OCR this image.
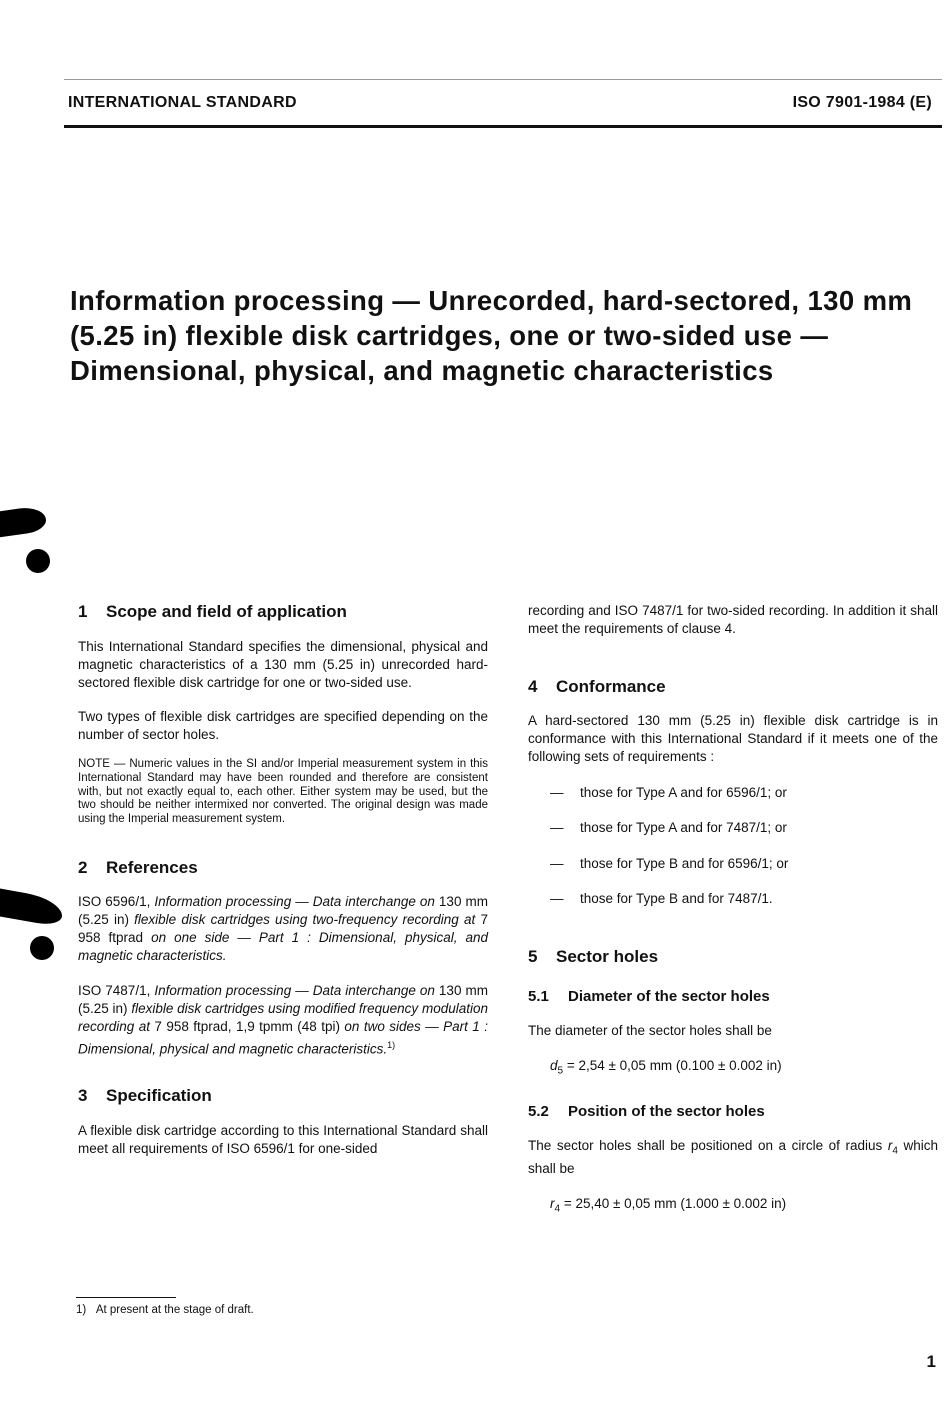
INTERNATIONAL STANDARD	ISO 7901-1984 (E)
Information processing — Unrecorded, hard-sectored, 130 mm (5.25 in) flexible disk cartridges, one or two-sided use — Dimensional, physical, and magnetic characteristics
1 Scope and field of application

This International Standard specifies the dimensional, physical and magnetic characteristics of a 130 mm (5.25 in) unrecorded hard-sectored flexible disk cartridge for one or two-sided use.

Two types of flexible disk cartridges are specified depending on the number of sector holes.

NOTE — Numeric values in the SI and/or Imperial measurement system in this International Standard may have been rounded and therefore are consistent with, but not exactly equal to, each other. Either system may be used, but the two should be neither intermixed nor converted. The original design was made using the Imperial measurement system.

2 References

ISO 6596/1, Information processing — Data interchange on 130 mm (5.25 in) flexible disk cartridges using two-frequency recording at 7 958 ftprad on one side — Part 1 : Dimensional, physical, and magnetic characteristics.

ISO 7487/1, Information processing — Data interchange on 130 mm (5.25 in) flexible disk cartridges using modified frequency modulation recording at 7 958 ftprad, 1,9 tpmm (48 tpi) on two sides — Part 1 : Dimensional, physical and magnetic characteristics.$^{1)}$

3 Specification

A flexible disk cartridge according to this International Standard shall meet all requirements of ISO 6596/1 for one-sided

recording and ISO 7487/1 for two-sided recording. In addition it shall meet the requirements of clause 4.

4 Conformance

A hard-sectored 130 mm (5.25 in) flexible disk cartridge is in conformance with this International Standard if it meets one of the following sets of requirements :

— those for Type A and for 6596/1; or

— those for Type A and for 7487/1; or

— those for Type B and for 6596/1; or

— those for Type B and for 7487/1.

5 Sector holes
5.1 Diameter of the sector holes

The diameter of the sector holes shall be

$d_5 = 2,54 \pm 0,05$ mm (0.100 ± 0.002 in)

5.2 Position of the sector holes

The sector holes shall be positioned on a circle of radius $r_4$ which shall be

$r_4 = 25,40 \pm 0,05$ mm (1.000 ± 0.002 in)

1) At present at the stage of draft.
1
